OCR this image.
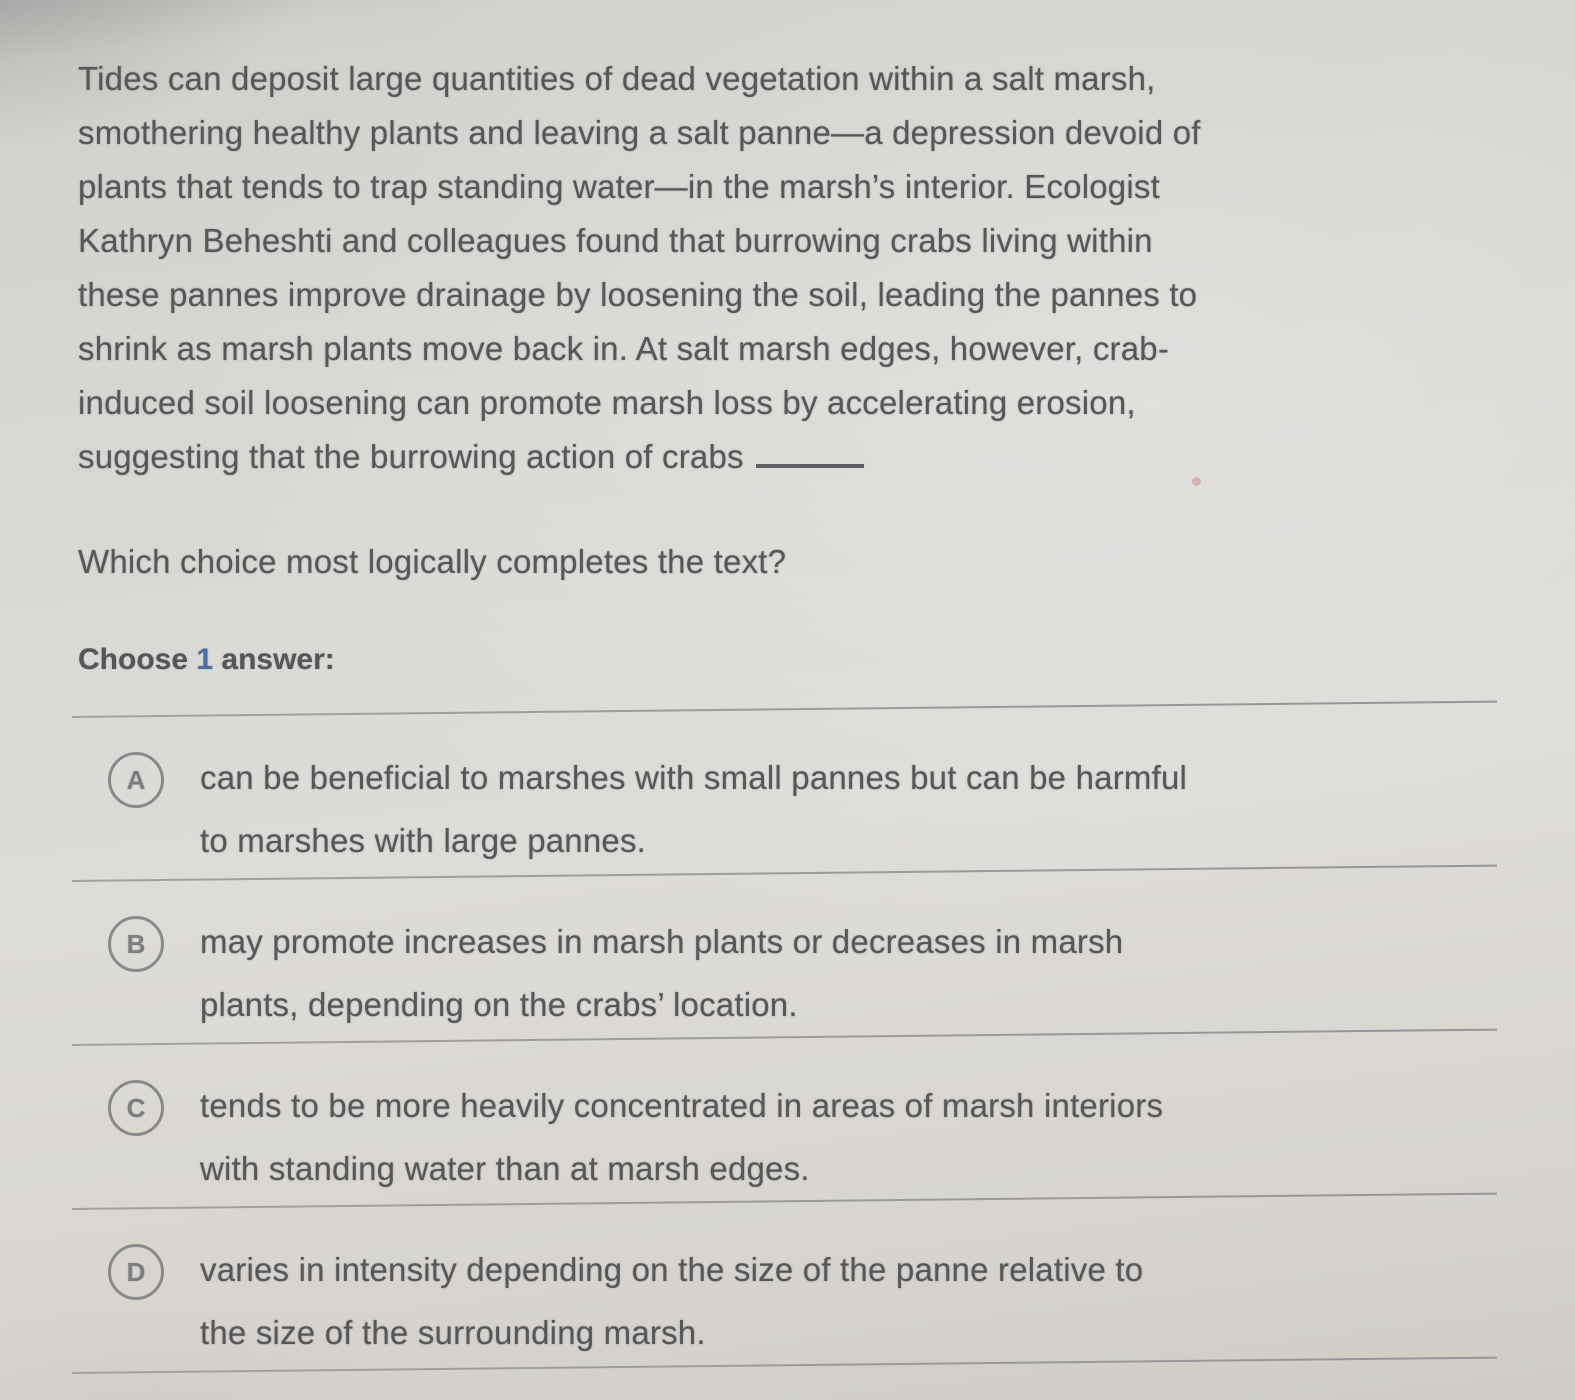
Tides can deposit large quantities of dead vegetation within a salt marsh,
smothering healthy plants and leaving a salt panne—a depression devoid of
plants that tends to trap standing water—in the marsh’s interior. Ecologist
Kathryn Beheshti and colleagues found that burrowing crabs living within
these pannes improve drainage by loosening the soil, leading the pannes to
shrink as marsh plants move back in. At salt marsh edges, however, crab-
induced soil loosening can promote marsh loss by accelerating erosion,
suggesting that the burrowing action of crabs
Which choice most logically completes the text?
Choose 1 answer:
A	can be beneficial to marshes with small pannes but can be harmful
to marshes with large pannes.
B	may promote increases in marsh plants or decreases in marsh
plants, depending on the crabs’ location.
C	tends to be more heavily concentrated in areas of marsh interiors
with standing water than at marsh edges.
D	varies in intensity depending on the size of the panne relative to
the size of the surrounding marsh.
